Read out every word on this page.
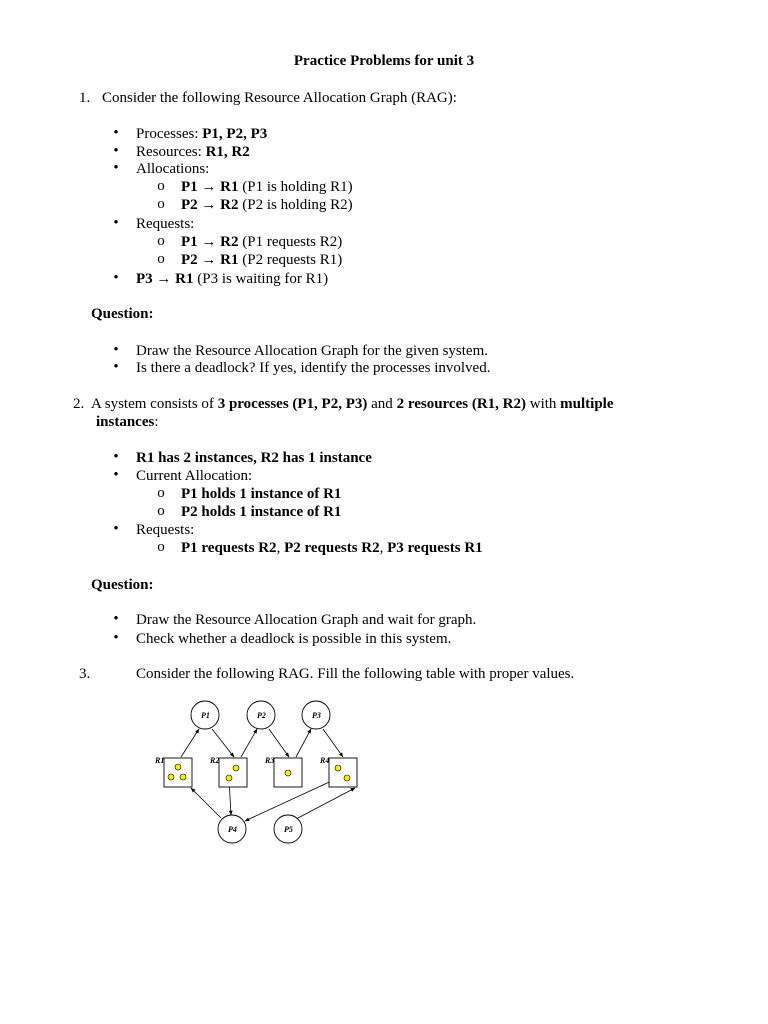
Practice Problems for unit 3
1. Consider the following Resource Allocation Graph (RAG):
•
Processes: P1, P2, P3
•
Resources: R1, R2
•
Allocations:
o
P1 → R1 (P1 is holding R1)
o
P2 → R2 (P2 is holding R2)
•
Requests:
o
P1 → R2 (P1 requests R2)
o
P2 → R1 (P2 requests R1)
•
P3 → R1 (P3 is waiting for R1)
Question:
•
Draw the Resource Allocation Graph for the given system.
•
Is there a deadlock? If yes, identify the processes involved.
2. A system consists of 3 processes (P1, P2, P3) and 2 resources (R1, R2) with multiple
instances:
•
R1 has 2 instances, R2 has 1 instance
•
Current Allocation:
o
P1 holds 1 instance of R1
o
P2 holds 1 instance of R1
•
Requests:
o
P1 requests R2, P2 requests R2, P3 requests R1
Question:
•
Draw the Resource Allocation Graph and wait for graph.
•
Check whether a deadlock is possible in this system.
3.	Consider the following RAG. Fill the following table with proper values.
P1	P2	P3
P4	P5
R1	R2	R3	R4
